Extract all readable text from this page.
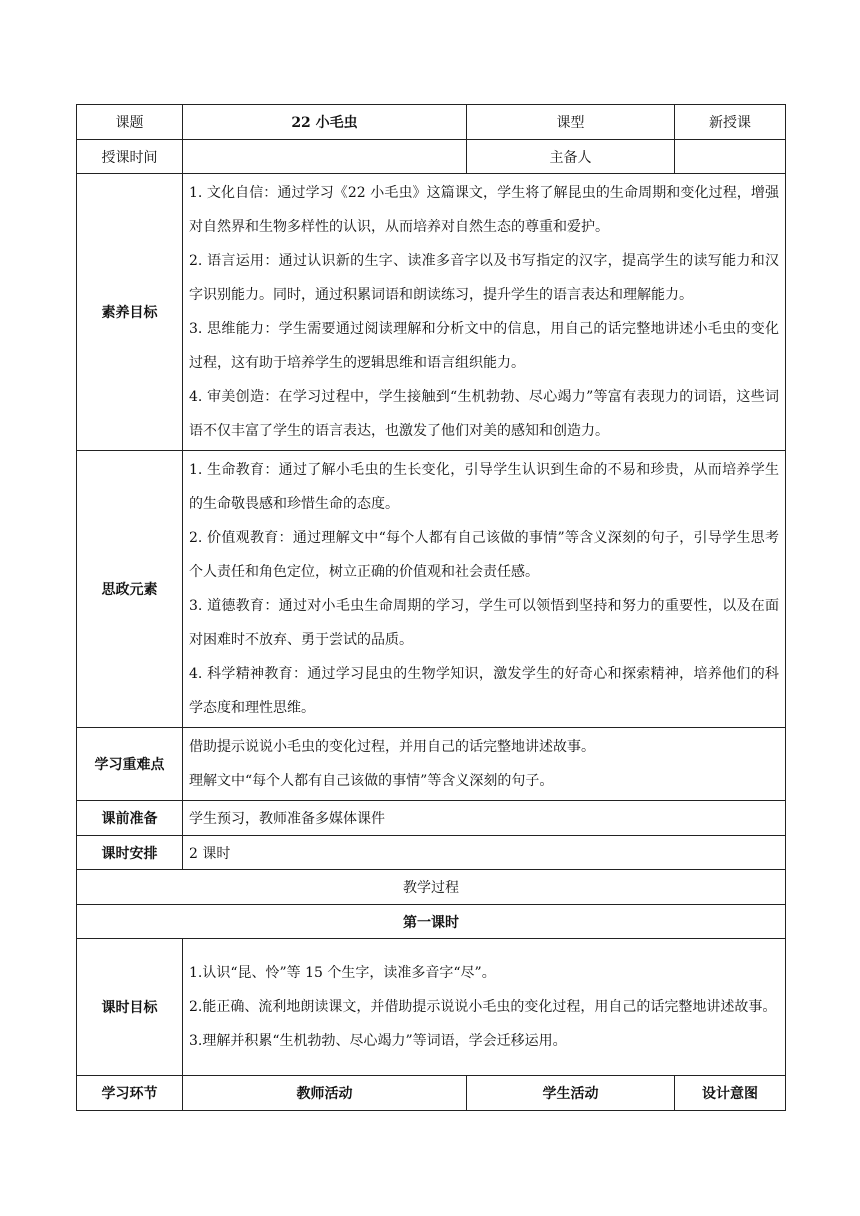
课题	22 小毛虫	课型	新授课
授课时间		主备人	
素养目标	1. 文化自信：通过学习《22 小毛虫》这篇课文，学生将了解昆虫的生命周期和变化过程，增强对自然界和生物多样性的认识，从而培养对自然生态的尊重和爱护。

2. 语言运用：通过认识新的生字、读准多音字以及书写指定的汉字，提高学生的读写能力和汉字识别能力。同时，通过积累词语和朗读练习，提升学生的语言表达和理解能力。

3. 思维能力：学生需要通过阅读理解和分析文中的信息，用自己的话完整地讲述小毛虫的变化过程，这有助于培养学生的逻辑思维和语言组织能力。

4. 审美创造：在学习过程中，学生接触到“生机勃勃、尽心竭力”等富有表现力的词语，这些词语不仅丰富了学生的语言表达，也激发了他们对美的感知和创造力。		

思政元素	1. 生命教育：通过了解小毛虫的生长变化，引导学生认识到生命的不易和珍贵，从而培养学生的生命敬畏感和珍惜生命的态度。

2. 价值观教育：通过理解文中“每个人都有自己该做的事情”等含义深刻的句子，引导学生思考个人责任和角色定位，树立正确的价值观和社会责任感。

3. 道德教育：通过对小毛虫生命周期的学习，学生可以领悟到坚持和努力的重要性，以及在面对困难时不放弃、勇于尝试的品质。

4. 科学精神教育：通过学习昆虫的生物学知识，激发学生的好奇心和探索精神，培养他们的科学态度和理性思维。		

学习重难点	借助提示说说小毛虫的变化过程，并用自己的话完整地讲述故事。

理解文中“每个人都有自己该做的事情”等含义深刻的句子。		

课前准备	学生预习，教师准备多媒体课件		
课时安排	2 课时		
教学过程			
第一课时			
课时目标	1.认识“昆、怜”等 15 个生字，读准多音字“尽”。

2.能正确、流利地朗读课文，并借助提示说说小毛虫的变化过程，用自己的话完整地讲述故事。

3.理解并积累“生机勃勃、尽心竭力”等词语，学会迁移运用。		

学习环节	教师活动	学生活动	设计意图
